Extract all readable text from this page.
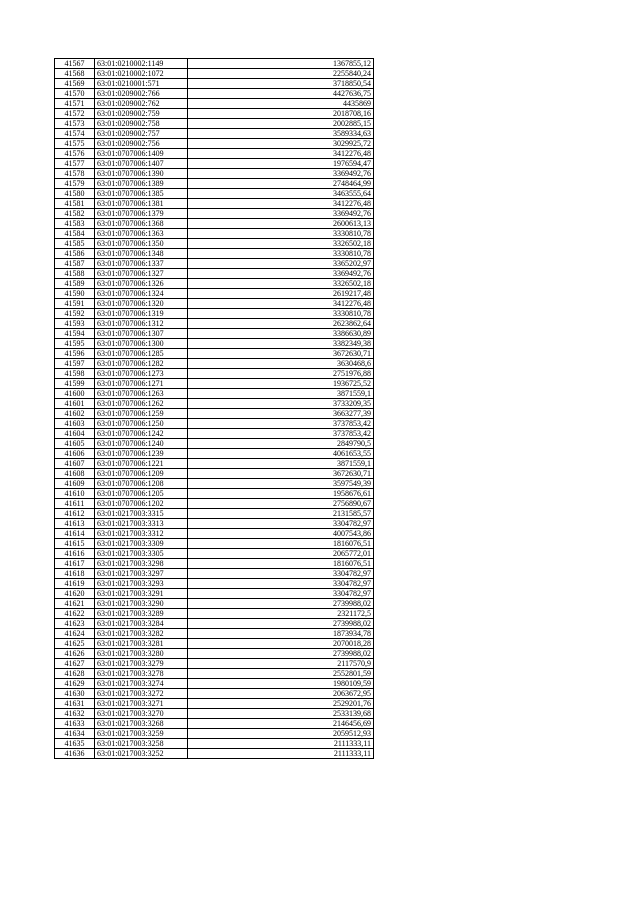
41567	63:01:0210002:1149	1367855,12
41568	63:01:0210002:1072	2255840,24
41569	63:01:0210001:571	3718850,54
41570	63:01:0209002:766	4427636,75
41571	63:01:0209002:762	4435869
41572	63:01:0209002:759	2018708,16
41573	63:01:0209002:758	2002885,15
41574	63:01:0209002:757	3589334,63
41575	63:01:0209002:756	3029925,72
41576	63:01:0707006:1409	3412276,48
41577	63:01:0707006:1407	1976594,47
41578	63:01:0707006:1390	3369492,76
41579	63:01:0707006:1389	2748464,99
41580	63:01:0707006:1385	3463555,64
41581	63:01:0707006:1381	3412276,48
41582	63:01:0707006:1379	3369492,76
41583	63:01:0707006:1368	2600613,13
41584	63:01:0707006:1363	3330810,78
41585	63:01:0707006:1350	3326502,18
41586	63:01:0707006:1348	3330810,78
41587	63:01:0707006:1337	3365202,97
41588	63:01:0707006:1327	3369492,76
41589	63:01:0707006:1326	3326502,18
41590	63:01:0707006:1324	2619217,48
41591	63:01:0707006:1320	3412276,48
41592	63:01:0707006:1319	3330810,78
41593	63:01:0707006:1312	2623862,64
41594	63:01:0707006:1307	3386630,89
41595	63:01:0707006:1300	3382349,38
41596	63:01:0707006:1285	3672630,71
41597	63:01:0707006:1282	3630468,6
41598	63:01:0707006:1273	2751976,88
41599	63:01:0707006:1271	1936725,52
41600	63:01:0707006:1263	3871559,1
41601	63:01:0707006:1262	3733209,35
41602	63:01:0707006:1259	3663277,39
41603	63:01:0707006:1250	3737853,42
41604	63:01:0707006:1242	3737853,42
41605	63:01:0707006:1240	2849790,5
41606	63:01:0707006:1239	4061653,55
41607	63:01:0707006:1221	3871559,1
41608	63:01:0707006:1209	3672630,71
41609	63:01:0707006:1208	3597549,39
41610	63:01:0707006:1205	1958676,61
41611	63:01:0707006:1202	2756890,67
41612	63:01:0217003:3315	2131585,57
41613	63:01:0217003:3313	3304782,97
41614	63:01:0217003:3312	4007543,86
41615	63:01:0217003:3309	1816076,51
41616	63:01:0217003:3305	2065772,01
41617	63:01:0217003:3298	1816076,51
41618	63:01:0217003:3297	3304782,97
41619	63:01:0217003:3293	3304782,97
41620	63:01:0217003:3291	3304782,97
41621	63:01:0217003:3290	2739988,02
41622	63:01:0217003:3289	2321172,5
41623	63:01:0217003:3284	2739988,02
41624	63:01:0217003:3282	1873934,78
41625	63:01:0217003:3281	2070018,28
41626	63:01:0217003:3280	2739988,02
41627	63:01:0217003:3279	2117570,9
41628	63:01:0217003:3278	2552801,59
41629	63:01:0217003:3274	1980109,59
41630	63:01:0217003:3272	2063672,95
41631	63:01:0217003:3271	2529201,76
41632	63:01:0217003:3270	2533139,68
41633	63:01:0217003:3268	2146456,69
41634	63:01:0217003:3259	2059512,93
41635	63:01:0217003:3258	2111333,11
41636	63:01:0217003:3252	2111333,11
